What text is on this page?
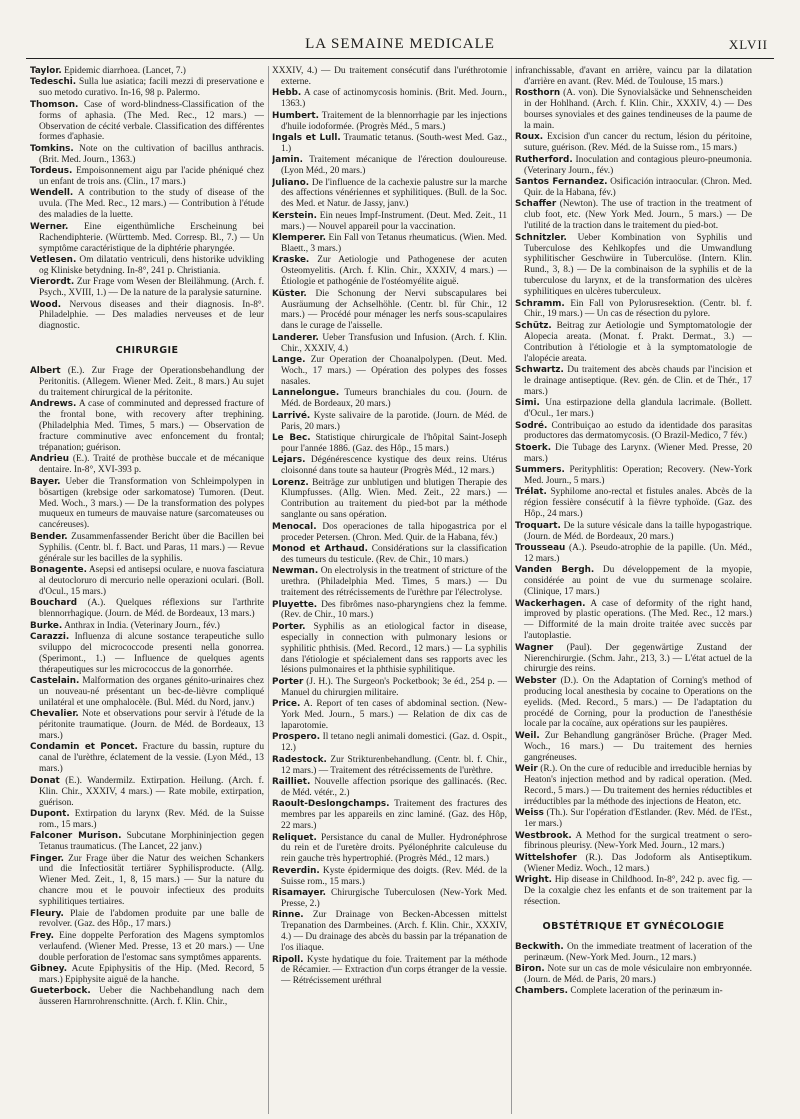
LA SEMAINE MEDICALE	XLVII
Taylor. Epidemic diarrhoea. (Lancet, 7.)
Tedeschi. Sulla lue asiatica; facili mezzi di preservatione e suo metodo curativo. In-16, 98 p. Palermo.
Thomson. Case of word-blindness-Classification of the forms of aphasia. (The Med. Rec., 12 mars.) — Observation de cécité verbale. Classification des différentes formes d'aphasie.
Tomkins. Note on the cultivation of bacillus anthracis. (Brit. Med. Journ., 1363.)
Tordeus. Empoisonnement aigu par l'acide phéniqué chez un enfant de trois ans. (Clin., 17 mars.)
Wendell. A contribution to the study of disease of the uvula. (The Med. Rec., 12 mars.) — Contribution à l'étude des maladies de la luette.
Werner. Eine eigenthümliche Erscheinung bei Rachendiphterie. (Württemb. Med. Corresp. Bl., 7.) — Un symptôme caractéristique de la diphtérie pharyngée.
Vetlesen. Om dilatatio ventriculi, dens historike udvikling og Kliniske betydning. In-8°, 241 p. Christiania.
Vierordt. Zur Frage vom Wesen der Bleilähmung. (Arch. f. Psych., XVIII, 1.) — De la nature de la paralysie saturnine.
Wood. Nervous diseases and their diagnosis. In-8°. Philadelphie. — Des maladies nerveuses et de leur diagnostic.
CHIRURGIE
Albert (E.). Zur Frage der Operationsbehandlung der Peritonitis. (Allegem. Wiener Med. Zeit., 8 mars.) Au sujet du traitement chirurgical de la péritonite.
Andrews. A case of comminuted and depressed fracture of the frontal bone, with recovery after trephining. (Philadelphia Med. Times, 5 mars.) — Observation de fracture comminutive avec enfoncement du frontal; trépanation; guérison.
Andrieu (E.). Traité de prothèse buccale et de mécanique dentaire. In-8°, XVI-393 p.
Bayer. Ueber die Transformation von Schleimpolypen in bösartigen (krebsige oder sarkomatose) Tumoren. (Deut. Med. Woch., 3 mars.) — De la transformation des polypes muqueux en tumeurs de mauvaise nature (sarcomateuses ou cancéreuses).
Bender. Zusammenfassender Bericht über die Bacillen bei Syphilis. (Centr. bl. f. Bact. und Paras, 11 mars.) — Revue générale sur les bacilles de la syphilis.
Bonagente. Asepsi ed antisepsi oculare, e nuova fasciatura al deutocloruro di mercurio nelle operazioni oculari. (Boll. d'Ocul., 15 mars.)
Bouchard (A.). Quelques réflexions sur l'arthrite blennorrhagique. (Journ. de Méd. de Bordeaux, 13 mars.)
Burke. Anthrax in India. (Veterinary Journ., fév.)
Carazzi. Influenza di alcune sostance terapeutiche sullo sviluppo del micrococcode presenti nella gonorrea. (Sperimont., 1.) — Influence de quelques agents thérapeutiques sur les micrococcus de la gonorrhée.
Castelain. Malformation des organes génito-urinaires chez un nouveau-né présentant un bec-de-lièvre compliqué unilatéral et une omphalocèle. (Bul. Méd. du Nord, janv.)
Chevalier. Note et observations pour servir à l'étude de la péritonite traumatique. (Journ. de Méd. de Bordeaux, 13 mars.)
Condamin et Poncet. Fracture du bassin, rupture du canal de l'urèthre, éclatement de la vessie. (Lyon Méd., 13 mars.)
Donat (E.). Wandermilz. Extirpation. Heilung. (Arch. f. Klin. Chir., XXXIV, 4 mars.) — Rate mobile, extirpation, guérison.
Dupont. Extirpation du larynx (Rev. Méd. de la Suisse rom., 15 mars.)
Falconer Murison. Subcutane Morphininjection gegen Tetanus traumaticus. (The Lancet, 22 janv.)
Finger. Zur Frage über die Natur des weichen Schankers und die Infectiosität tertiärer Syphilisproducte. (Allg. Wiener Med. Zeit., 1, 8, 15 mars.) — Sur la nature du chancre mou et le pouvoir infectieux des produits syphilitiques tertiaires.
Fleury. Plaie de l'abdomen produite par une balle de revolver. (Gaz. des Hôp., 17 mars.)
Frey. Eine doppelte Perforation des Magens symptomlos verlaufend. (Wiener Med. Presse, 13 et 20 mars.) — Une double perforation de l'estomac sans symptômes apparents.
Gibney. Acute Epiphysitis of the Hip. (Med. Record, 5 mars.) Epiphysite aiguë de la hanche.
Gueterbock. Ueber die Nachbehandlung nach dem äusseren Harnrohrenschnitte. (Arch. f. Klin. Chir.,
XXXIV, 4.) — Du traitement consécutif dans l'uréthrotomie externe.
Hebb. A case of actinomycosis hominis. (Brit. Med. Journ., 1363.)
Humbert. Traitement de la blennorrhagie par les injections d'huile iodoformée. (Progrès Méd., 5 mars.)
Ingals et Lull. Traumatic tetanus. (South-west Med. Gaz., 1.)
Jamin. Traitement mécanique de l'érection douloureuse. (Lyon Méd., 20 mars.)
Juliano. De l'influence de la cachexie palustre sur la marche des affections vénériennes et syphilitiques. (Bull. de la Soc. des Med. et Natur. de Jassy, janv.)
Kerstein. Ein neues Impf-Instrument. (Deut. Med. Zeit., 11 mars.) — Nouvel appareil pour la vaccination.
Klemperer. Ein Fall von Tetanus rheumaticus. (Wien. Med. Blaett., 3 mars.)
Kraske. Zur Aetiologie und Pathogenese der acuten Osteomyelitis. (Arch. f. Klin. Chir., XXXIV, 4 mars.) — Étiologie et pathogénie de l'ostéomyélite aiguë.
Küster. Die Schonung der Nervi subscapulares bei Ausräumung der Achselhöhle. (Centr. bl. für Chir., 12 mars.) — Procédé pour ménager les nerfs sous-scapulaires dans le curage de l'aisselle.
Landerer. Ueber Transfusion und Infusion. (Arch. f. Klin. Chir., XXXIV, 4.)
Lange. Zur Operation der Choanalpolypen. (Deut. Med. Woch., 17 mars.) — Opération des polypes des fosses nasales.
Lannelongue. Tumeurs branchiales du cou. (Journ. de Méd. de Bordeaux, 20 mars.)
Larrivé. Kyste salivaire de la parotide. (Journ. de Méd. de Paris, 20 mars.)
Le Bec. Statistique chirurgicale de l'hôpital Saint-Joseph pour l'année 1886. (Gaz. des Hôp., 15 mars.)
Lejars. Dégénérescence kystique des deux reins. Utérus cloisonné dans toute sa hauteur (Progrès Méd., 12 mars.)
Lorenz. Beiträge zur unblutigen und blutigen Therapie des Klumpfusses. (Allg. Wien. Med. Zeit., 22 mars.) — Contribution au traitement du pied-bot par la méthode sanglante ou sans opération.
Menocal. Dos operaciones de talla hipogastrica por el proceder Petersen. (Chron. Med. Quir. de la Habana, fév.)
Monod et Arthaud. Considérations sur la classification des tumeurs du testicule. (Rev. de Chir., 10 mars.)
Newman. On electrolysis in the treatment of stricture of the urethra. (Philadelphia Med. Times, 5 mars.) — Du traitement des rétrécissements de l'urèthre par l'électrolyse.
Pluyette. Des fibrômes naso-pharyngiens chez la femme. (Rev. de Chir., 10 mars.)
Porter. Syphilis as an etiological factor in disease, especially in connection with pulmonary lesions or syphilitic phthisis. (Med. Record., 12 mars.) — La syphilis dans l'étiologie et spécialement dans ses rapports avec les lésions pulmonaires et la phthisie syphilitique.
Porter (J. H.). The Surgeon's Pocketbook; 3e éd., 254 p. — Manuel du chirurgien militaire.
Price. A. Report of ten cases of abdominal section. (New-York Med. Journ., 5 mars.) — Relation de dix cas de laparotomie.
Prospero. Il tetano negli animali domestici. (Gaz. d. Ospit., 12.)
Radestock. Zur Strikturenbehandlung. (Centr. bl. f. Chir., 12 mars.) — Traitement des rétrécissements de l'urèthre.
Railliet. Nouvelle affection psorique des gallinacés. (Rec. de Méd. vétér., 2.)
Raoult-Deslongchamps. Traitement des fractures des membres par les appareils en zinc laminé. (Gaz. des Hôp, 22 mars.)
Reliquet. Persistance du canal de Muller. Hydronéphrose du rein et de l'uretère droits. Pyélonéphrite calculeuse du rein gauche très hypertrophié. (Progrès Méd., 12 mars.)
Reverdin. Kyste épidermique des doigts. (Rev. Méd. de la Suisse rom., 15 mars.)
Risamayer. Chirurgische Tuberculosen (New-York Med. Presse, 2.)
Rinne. Zur Drainage von Becken-Abcessen mittelst Trepanation des Darmbeines. (Arch. f. Klin. Chir., XXXIV, 4.) — Du drainage des abcès du bassin par la trépanation de l'os iliaque.
Ripoll. Kyste hydatique du foie. Traitement par la méthode de Récamier. — Extraction d'un corps étranger de la vessie. — Rétrécissement uréthral
infranchissable, d'avant en arrière, vaincu par la dilatation d'arrière en avant. (Rev. Méd. de Toulouse, 15 mars.)
Rosthorn (A. von). Die Synovialsäcke und Sehnenscheiden in der Hohlhand. (Arch. f. Klin. Chir., XXXIV, 4.) — Des bourses synoviales et des gaines tendineuses de la paume de la main.
Roux. Excision d'un cancer du rectum, lésion du péritoine, suture, guérison. (Rev. Méd. de la Suisse rom., 15 mars.)
Rutherford. Inoculation and contagious pleuro-pneumonia. (Veterinary Journ., fév.)
Santos Fernandez. Osificación intraocular. (Chron. Med. Quir. de la Habana, fév.)
Schaffer (Newton). The use of traction in the treatment of club foot, etc. (New York Med. Journ., 5 mars.) — De l'utilité de la traction dans le traitement du pied-bot.
Schnitzler. Ueber Kombination von Syphilis und Tuberculose des Kehlkopfes und die Umwandlung syphilitischer Geschwüre in Tuberculöse. (Intern. Klin. Rund., 3, 8.) — De la combinaison de la syphilis et de la tuberculose du larynx, et de la transformation des ulcères syphilitiques en ulcères tuberculeux.
Schramm. Ein Fall von Pylorusresektion. (Centr. bl. f. Chir., 19 mars.) — Un cas de résection du pylore.
Schütz. Beitrag zur Aetiologie und Symptomatologie der Alopecia areata. (Monat. f. Prakt. Dermat., 3.) — Contribution à l'étiologie et à la symptomatologie de l'alopécie areata.
Schwartz. Du traitement des abcès chauds par l'incision et le drainage antiseptique. (Rev. gén. de Clin. et de Thér., 17 mars.)
Simi. Una estirpazione della glandula lacrimale. (Bollett. d'Ocul., 1er mars.)
Sodré. Contribuiçao ao estudo da identidade dos parasitas productores das dermatomycosis. (O Brazil-Medico, 7 fév.)
Stoerk. Die Tubage des Larynx. (Wiener Med. Presse, 20 mars.)
Summers. Perityphlitis: Operation; Recovery. (New-York Med. Journ., 5 mars.)
Trélat. Syphilome ano-rectal et fistules anales. Abcès de la région fessière consécutif à la fièvre typhoïde. (Gaz. des Hôp., 24 mars.)
Troquart. De la suture vésicale dans la taille hypogastrique. (Journ. de Méd. de Bordeaux, 20 mars.)
Trousseau (A.). Pseudo-atrophie de la papille. (Un. Méd., 12 mars.)
Vanden Bergh. Du développement de la myopie, considérée au point de vue du surmenage scolaire. (Clinique, 17 mars.)
Wackerhagen. A case of deformity of the right hand, improved by plastic operations. (The Med. Rec., 12 mars.) — Difformité de la main droite traitée avec succès par l'autoplastie.
Wagner (Paul). Der gegenwärtige Zustand der Nierenchirurgie. (Schm. Jahr., 213, 3.) — L'état actuel de la chirurgie des reins.
Webster (D.). On the Adaptation of Corning's method of producing local anesthesia by cocaine to Operations on the eyelids. (Med. Record., 5 mars.) — De l'adaptation du procédé de Corning, pour la production de l'anesthésie locale par la cocaïne, aux opérations sur les paupières.
Weil. Zur Behandlung gangränöser Brüche. (Prager Med. Woch., 16 mars.) — Du traitement des hernies gangréneuses.
Weir (R.). On the cure of reducible and irreducible hernias by Heaton's injection method and by radical operation. (Med. Record., 5 mars.) — Du traitement des hernies réductibles et irréductibles par la méthode des injections de Heaton, etc.
Weiss (Th.). Sur l'opération d'Estlander. (Rev. Méd. de l'Est., 1er mars.)
Westbrook. A Method for the surgical treatment o sero-fibrinous pleurisy. (New-York Med. Journ., 12 mars.)
Wittelshofer (R.). Das Jodoform als Antiseptikum. (Wiener Mediz. Woch., 12 mars.)
Wright. Hip disease in Childhood. In-8°, 242 p. avec fig. — De la coxalgie chez les enfants et de son traitement par la résection.
OBSTÉTRIQUE ET GYNÉCOLOGIE
Beckwith. On the immediate treatment of laceration of the perinæum. (New-York Med. Journ., 12 mars.)
Biron. Note sur un cas de mole vésiculaire non embryonnée. (Journ. de Méd. de Paris, 20 mars.)
Chambers. Complete laceration of the perinæum in-
